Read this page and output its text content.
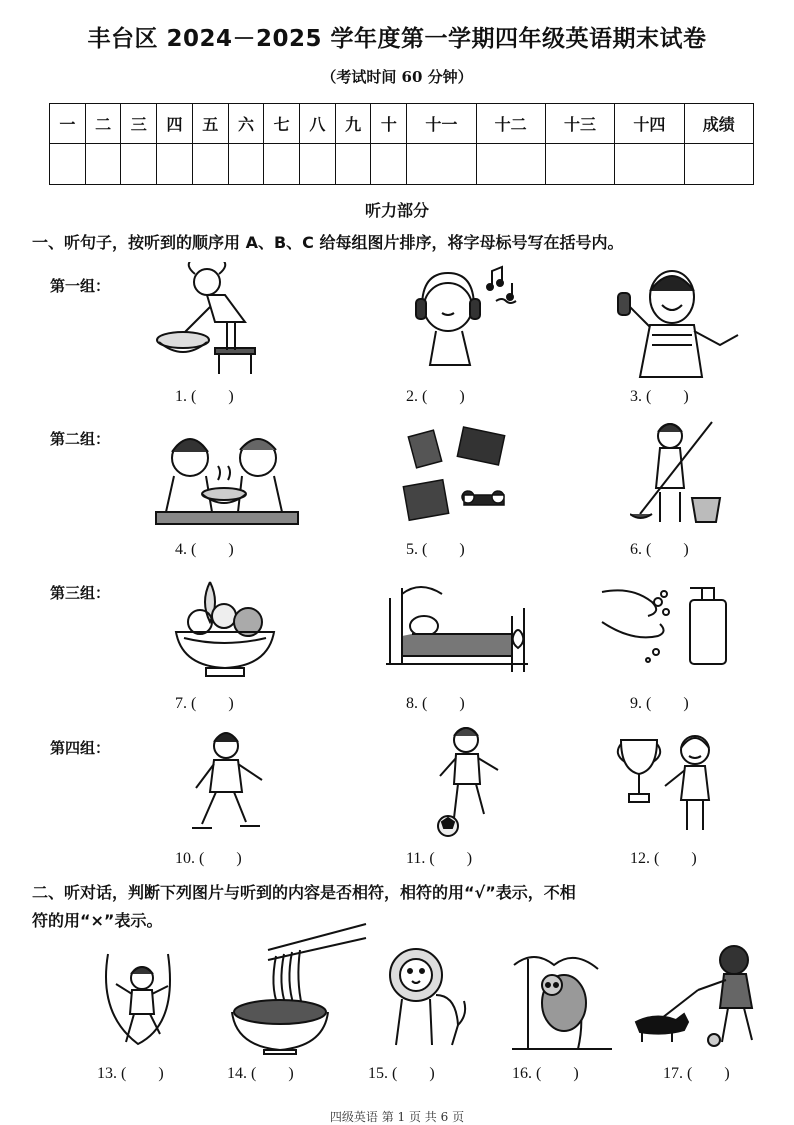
丰台区 2024－2025 学年度第一学期四年级英语期末试卷
（考试时间 60 分钟）
一	二	三	四	五	六	七	八	九	十	十一	十二	十三	十四	成绩

听力部分
一、听句子，按听到的顺序用 A、B、C 给每组图片排序，将字母标号写在括号内。
第一组：
1. (        )	2. (        )	3. (        )
第二组：
4. (        )	5. (        )	6. (        )
第三组：
7. (        )	8. (        )	9. (        )
第四组：
10. (        )	11. (        )	12. (        )
二、听对话，判断下列图片与听到的内容是否相符，相符的用“√”表示，不相
符的用“×”表示。
13. (        )	14. (        )	15. (        )	16. (        )	17. (        )
四级英语 第 1 页 共 6 页
